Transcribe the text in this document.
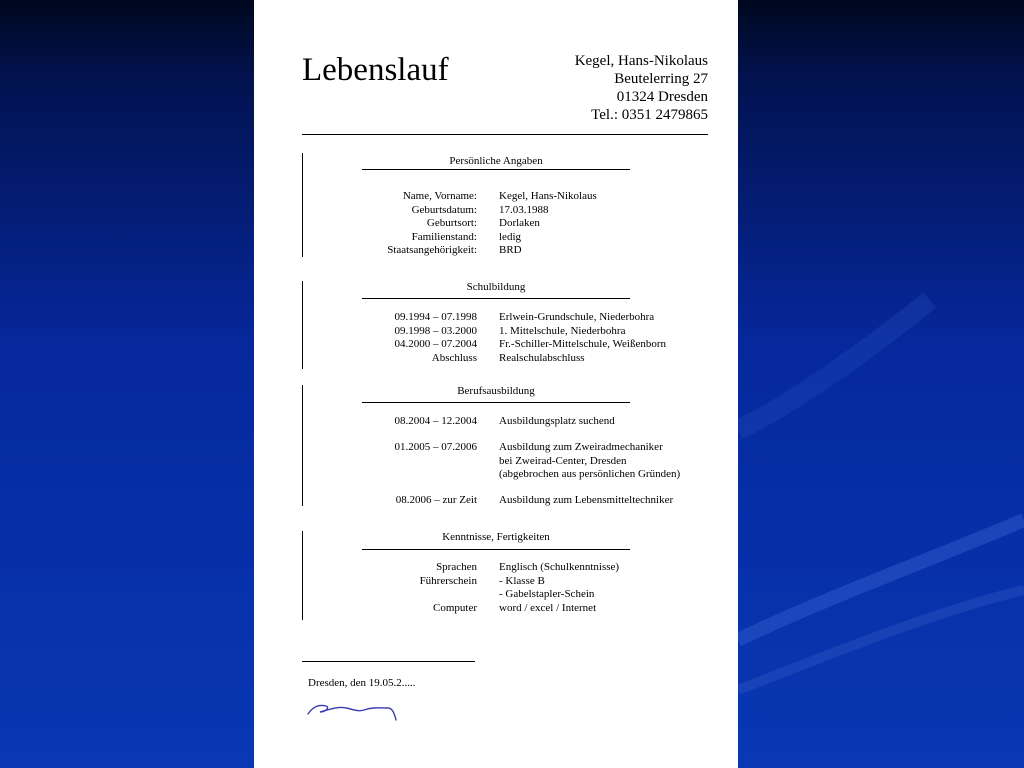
Lebenslauf	Kegel, Hans-Nikolaus
Beutelerring 27
01324 Dresden
Tel.: 0351 2479865
Persönliche Angaben
Name, Vorname: Kegel, Hans-Nikolaus
Geburtsdatum: 17.03.1988
Geburtsort: Dorlaken
Familienstand: ledig
Staatsangehörigkeit: BRD
Schulbildung
09.1994 – 07.1998 Erlwein-Grundschule, Niederbohra
09.1998 – 03.2000 1. Mittelschule, Niederbohra
04.2000 – 07.2004 Fr.-Schiller-Mittelschule, Weißenborn
Abschluss Realschulabschluss
Berufsausbildung
08.2004 – 12.2004 Ausbildungsplatz suchend
01.2005 – 07.2006 Ausbildung zum Zweiradmechaniker
bei Zweirad-Center, Dresden
(abgebrochen aus persönlichen Gründen)
08.2006 – zur Zeit Ausbildung zum Lebensmitteltechniker
Kenntnisse, Fertigkeiten
Sprachen Englisch (Schulkenntnisse)
Führerschein - Klasse B
- Gabelstapler-Schein
Computer word / excel / Internet
Dresden, den 19.05.2.....
